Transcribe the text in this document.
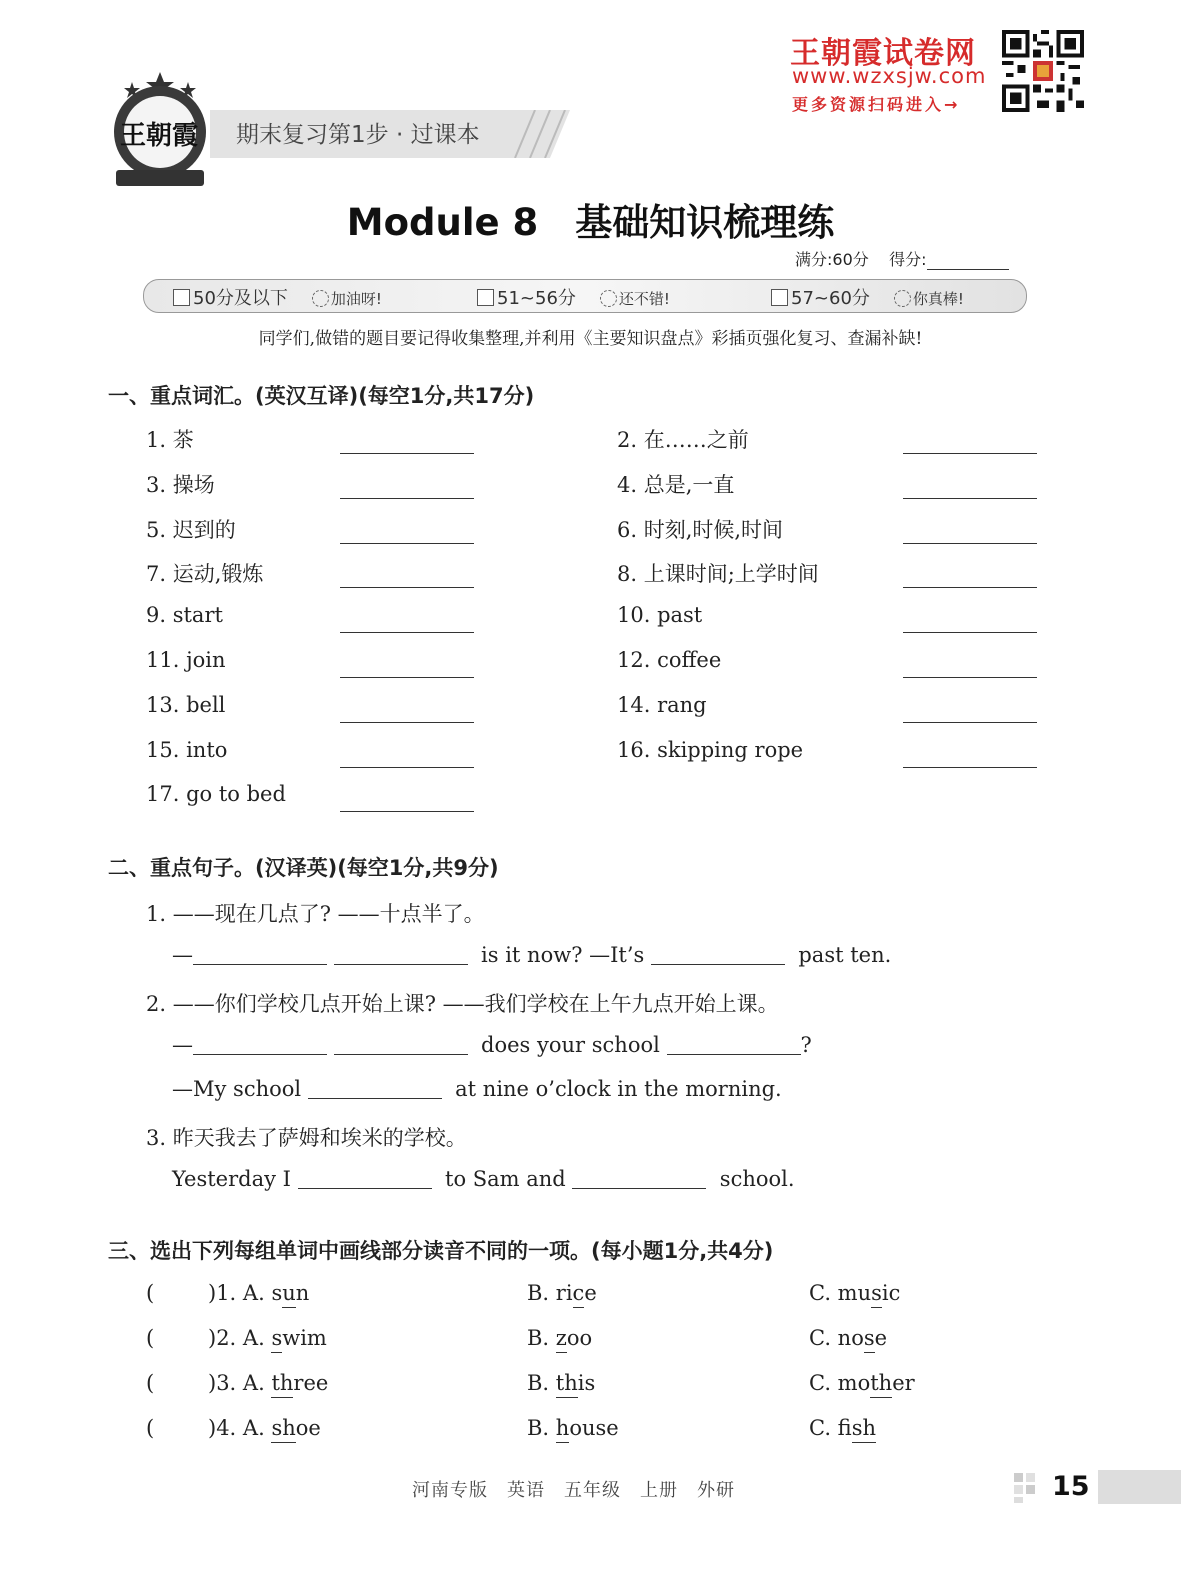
王朝霞 期末复习第1步 · 过课本
王朝霞试卷网
www.wzxsjw.com
更多资源扫码进入→
Module 8　基础知识梳理练
满分:60分 得分:
50分及以下	加油呀!	51~56分	还不错!	57~60分	你真棒!
同学们,做错的题目要记得收集整理,并利用《主要知识盘点》彩插页强化复习、查漏补缺!
一、重点词汇。(英汉互译)(每空1分,共17分)
1. 茶	2. 在……之前
3. 操场	4. 总是,一直
5. 迟到的	6. 时刻,时候,时间
7. 运动,锻炼	8. 上课时间;上学时间
9. start	10. past
11. join	12. coffee
13. bell	14. rang
15. into	16. skipping rope
17. go to bed
二、重点句子。(汉译英)(每空1分,共9分)
1. ——现在几点了? ——十点半了。
—	is it now? —It’s	past ten.
2. ——你们学校几点开始上课? ——我们学校在上午九点开始上课。
—	does your school	?
—My school	at nine o’clock in the morning.
3. 昨天我去了萨姆和埃米的学校。
Yesterday I	to Sam and	school.
三、选出下列每组单词中画线部分读音不同的一项。(每小题1分,共4分)
(	)1. A. sun	B. rice	C. music
(	)2. A. swim	B. zoo	C. nose
(	)3. A. three	B. this	C. mother
(	)4. A. shoe	B. house	C. fish
河南专版　英语　五年级　上册　外研	15
